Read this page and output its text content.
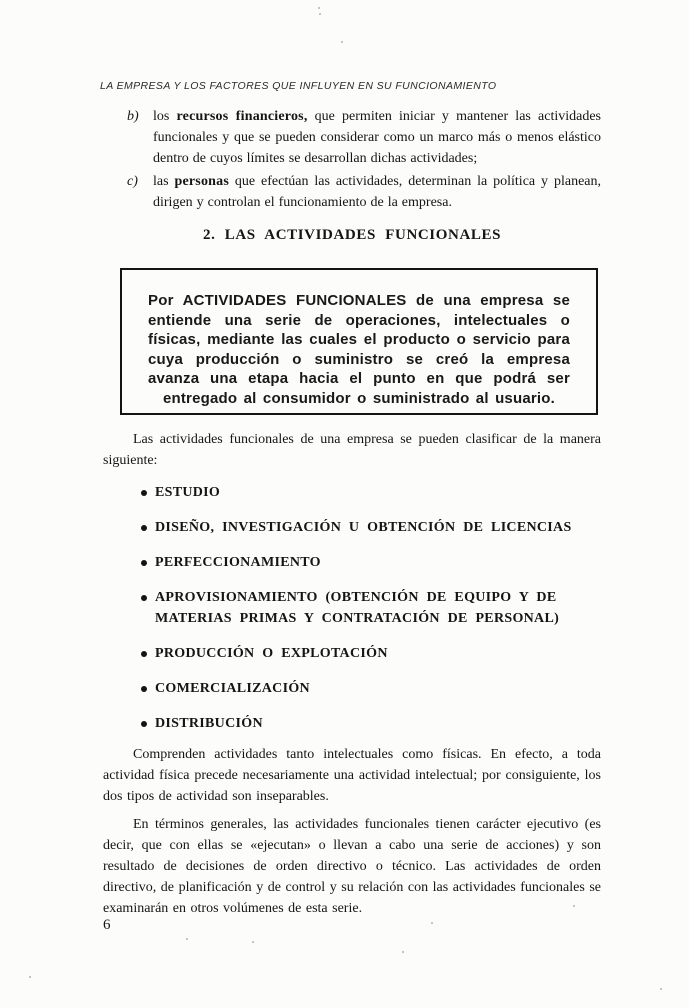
LA EMPRESA Y LOS FACTORES QUE INFLUYEN EN SU FUNCIONAMIENTO
b)	los recursos financieros, que permiten iniciar y mantener las actividades funcionales y que se pueden considerar como un marco más o menos elástico dentro de cuyos límites se desarrollan dichas actividades;

c)	las personas que efectúan las actividades, determinan la política y planean, dirigen y controlan el funcionamiento de la empresa.

2. LAS ACTIVIDADES FUNCIONALES

Por ACTIVIDADES FUNCIONALES de una empresa se entiende una serie de operaciones, intelectuales o físicas, mediante las cuales el producto o servicio para cuya producción o suministro se creó la empresa avanza una etapa hacia el punto en que podrá ser entregado al consumidor o suministrado al usuario.

Las actividades funcionales de una empresa se pueden clasificar de la manera siguiente:

ESTUDIO
DISEÑO, INVESTIGACIÓN U OBTENCIÓN DE LICENCIAS
PERFECCIONAMIENTO
APROVISIONAMIENTO (OBTENCIÓN DE EQUIPO Y DE MATERIAS PRIMAS Y CONTRATACIÓN DE PERSONAL)
PRODUCCIÓN O EXPLOTACIÓN
COMERCIALIZACIÓN
DISTRIBUCIÓN

Comprenden actividades tanto intelectuales como físicas. En efecto, a toda actividad física precede necesariamente una actividad intelectual; por consiguiente, los dos tipos de actividad son inseparables.

En términos generales, las actividades funcionales tienen carácter ejecutivo (es decir, que con ellas se «ejecutan» o llevan a cabo una serie de acciones) y son resultado de decisiones de orden directivo o técnico. Las actividades de orden directivo, de planificación y de control y su relación con las actividades funcionales se examinarán en otros volúmenes de esta serie.

6
